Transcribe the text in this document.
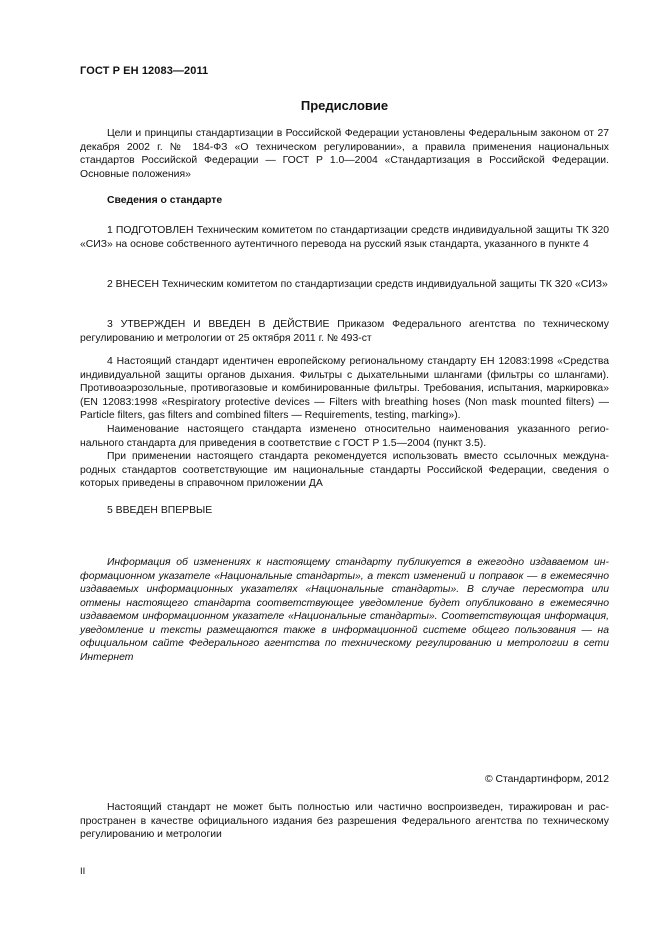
ГОСТ Р ЕН 12083—2011
Предисловие

Цели и принципы стандартизации в Российской Федерации установлены Федеральным законом от 27 декабря 2002 г. № 184-ФЗ «О техническом регулировании», а правила применения национальных стандартов Российской Федерации — ГОСТ Р 1.0—2004 «Стандартизация в Российской Федерации. Основные положения»

Сведения о стандарте

1 ПОДГОТОВЛЕН Техническим комитетом по стандартизации средств индивидуальной защиты ТК 320 «СИЗ» на основе собственного аутентичного перевода на русский язык стандарта, указанного в пункте 4

2 ВНЕСЕН Техническим комитетом по стандартизации средств индивидуальной защиты ТК 320 «СИЗ»

3 УТВЕРЖДЕН И ВВЕДЕН В ДЕЙСТВИЕ Приказом Федерального агентства по техническому регулированию и метрологии от 25 октября 2011 г. № 493-ст

4 Настоящий стандарт идентичен европейскому региональному стандарту ЕН 12083:1998 «Средства индивидуальной защиты органов дыхания. Фильтры с дыхательными шлангами (фильтры со шлангами). Противоаэрозольные, противогазовые и комбинированные фильтры. Требования, испытания, маркировка» (EN 12083:1998 «Respiratory protective devices — Filters with breathing hoses (Non mask mounted filters) — Particle filters, gas filters and combined filters — Requirements, testing, marking»).

Наименование настоящего стандарта изменено относительно наименования указанного регионального стандарта для приведения в соответствие с ГОСТ Р 1.5—2004 (пункт 3.5).

При применении настоящего стандарта рекомендуется использовать вместо ссылочных международных стандартов соответствующие им национальные стандарты Российской Федерации, сведения о которых приведены в справочном приложении ДА

5 ВВЕДЕН ВПЕРВЫЕ

Информация об изменениях к настоящему стандарту публикуется в ежегодно издаваемом информационном указателе «Национальные стандарты», а текст изменений и поправок — в ежемесячно издаваемых информационных указателях «Национальные стандарты». В случае пересмотра или отмены настоящего стандарта соответствующее уведомление будет опубликовано в ежемесячно издаваемом информационном указателе «Национальные стандарты». Соответствующая информация, уведомление и тексты размещаются также в информационной системе общего пользования — на официальном сайте Федерального агентства по техническому регулированию и метрологии в сети Интернет

© Стандартинформ, 2012

Настоящий стандарт не может быть полностью или частично воспроизведен, тиражирован и распространен в качестве официального издания без разрешения Федерального агентства по техническому регулированию и метрологии

II
